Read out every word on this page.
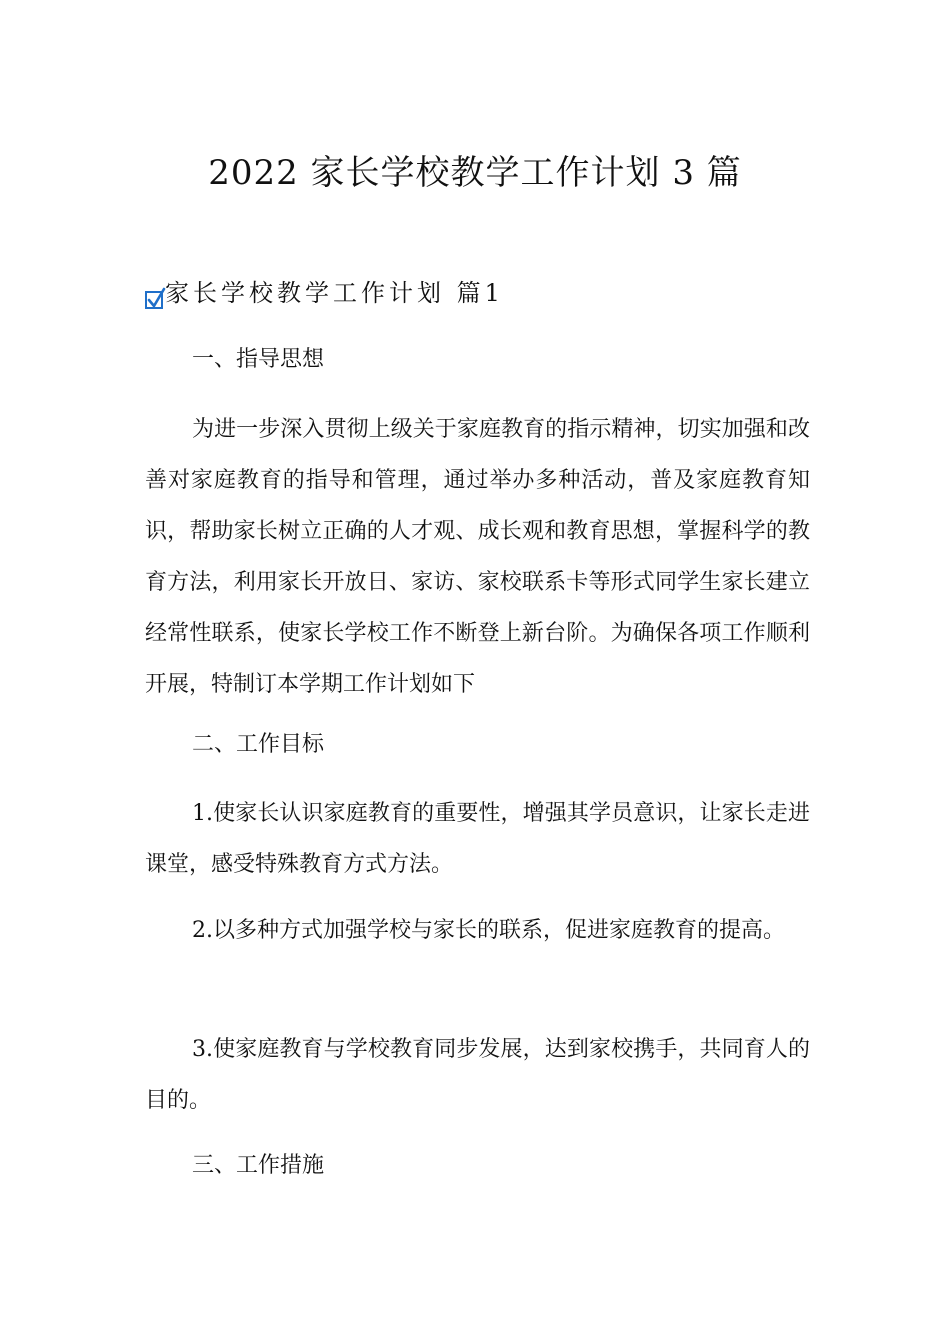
2022 家长学校教学工作计划 3 篇
家长学校教学工作计划 篇1
一、指导思想
为进一步深入贯彻上级关于家庭教育的指示精神，切实加强和改善对家庭教育的指导和管理，通过举办多种活动，普及家庭教育知识，帮助家长树立正确的人才观、成长观和教育思想，掌握科学的教育方法，利用家长开放日、家访、家校联系卡等形式同学生家长建立经常性联系，使家长学校工作不断登上新台阶。为确保各项工作顺利开展，特制订本学期工作计划如下
二、工作目标
1.使家长认识家庭教育的重要性，增强其学员意识，让家长走进课堂，感受特殊教育方式方法。
2.以多种方式加强学校与家长的联系，促进家庭教育的提高。
3.使家庭教育与学校教育同步发展，达到家校携手，共同育人的目的。
三、工作措施
